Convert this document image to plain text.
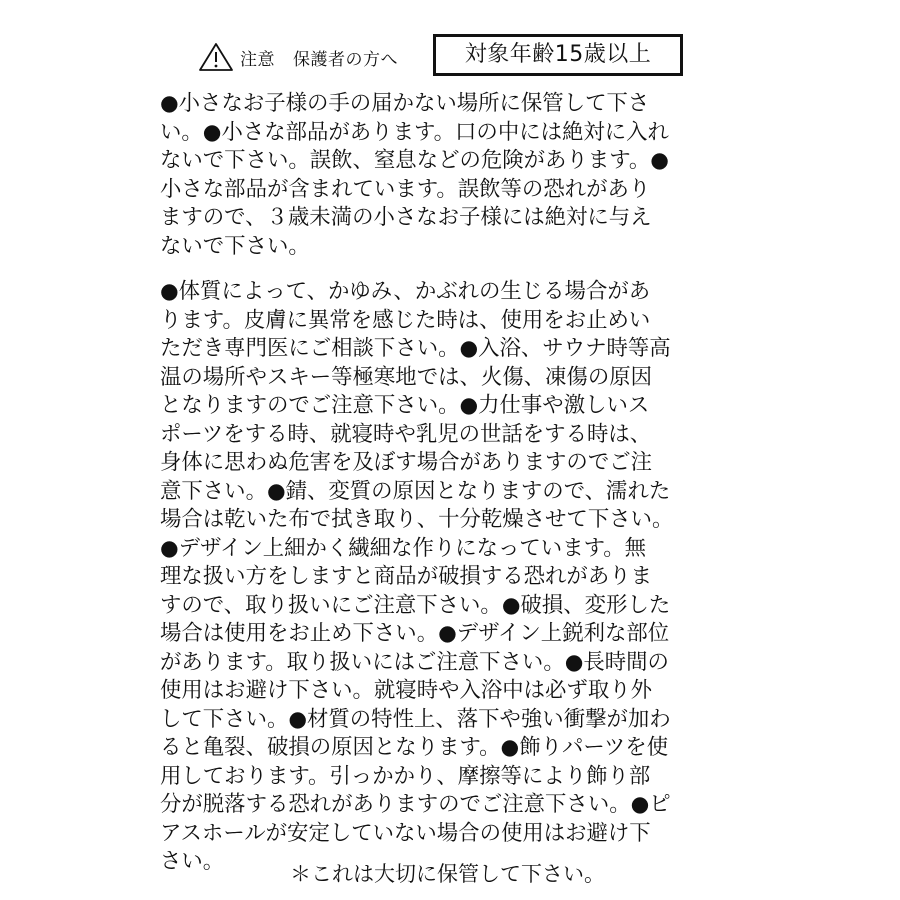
注意 保護者の方へ	対象年齢15歳以上

●小さなお子様の手の届かない場所に保管して下さ
い。●小さな部品があります。口の中には絶対に入れ
ないで下さい。誤飲、窒息などの危険があります。●
小さな部品が含まれています。誤飲等の恐れがあり
ますので、３歳未満の小さなお子様には絶対に与え
ないで下さい。

●体質によって、かゆみ、かぶれの生じる場合があ
ります。皮膚に異常を感じた時は、使用をお止めい
ただき専門医にご相談下さい。●入浴、サウナ時等高
温の場所やスキー等極寒地では、火傷、凍傷の原因
となりますのでご注意下さい。●力仕事や激しいス
ポーツをする時、就寝時や乳児の世話をする時は、
身体に思わぬ危害を及ぼす場合がありますのでご注
意下さい。●錆、変質の原因となりますので、濡れた
場合は乾いた布で拭き取り、十分乾燥させて下さい。
●デザイン上細かく繊細な作りになっています。無
理な扱い方をしますと商品が破損する恐れがありま
すので、取り扱いにご注意下さい。●破損、変形した
場合は使用をお止め下さい。●デザイン上鋭利な部位
があります。取り扱いにはご注意下さい。●長時間の
使用はお避け下さい。就寝時や入浴中は必ず取り外
して下さい。●材質の特性上、落下や強い衝撃が加わ
ると亀裂、破損の原因となります。●飾りパーツを使
用しております。引っかかり、摩擦等により飾り部
分が脱落する恐れがありますのでご注意下さい。●ピ
アスホールが安定していない場合の使用はお避け下
さい。	＊これは大切に保管して下さい。
